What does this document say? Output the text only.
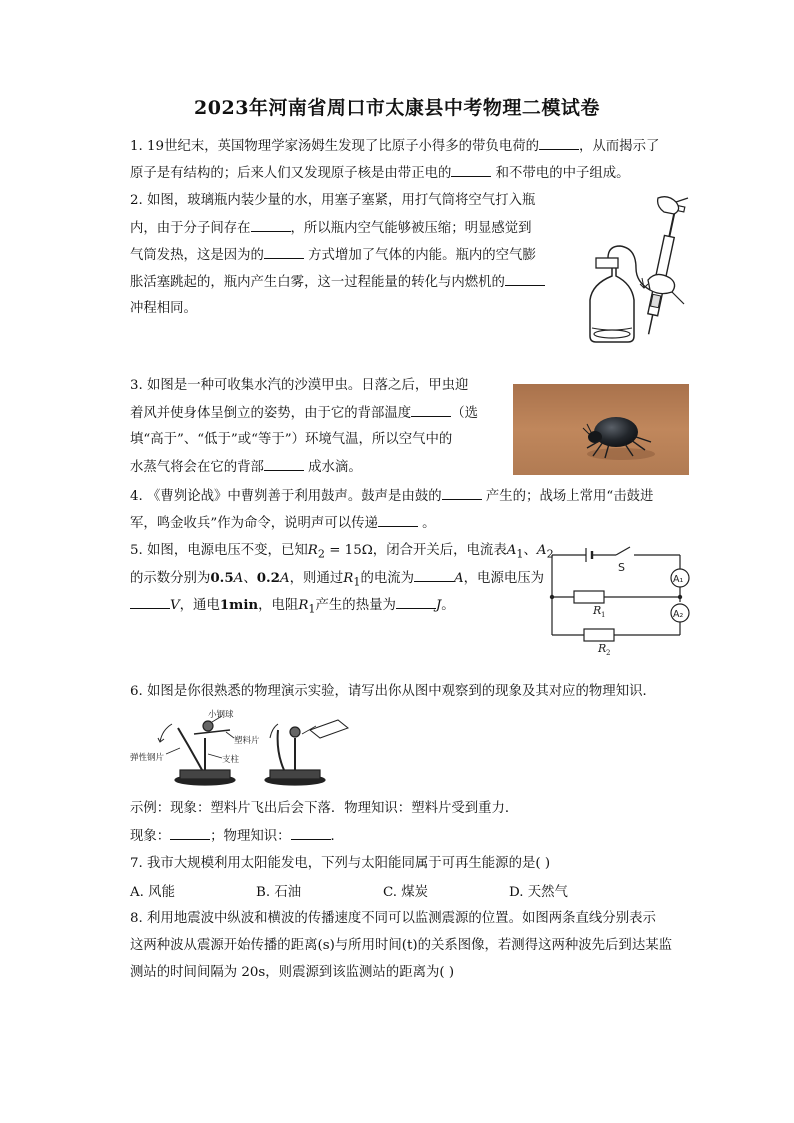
2023年河南省周口市太康县中考物理二模试卷
1. 19世纪末，英国物理学家汤姆生发现了比原子小得多的带负电荷的	，从而揭示了
原子是有结构的；后来人们又发现原子核是由带正电的	和不带电的中子组成。
2. 如图，玻璃瓶内装少量的水，用塞子塞紧，用打气筒将空气打入瓶
内，由于分子间存在	，所以瓶内空气能够被压缩；明显感觉到
气筒发热，这是因为的	方式增加了气体的内能。瓶内的空气膨
胀活塞跳起的，瓶内产生白雾，这一过程能量的转化与内燃机的
冲程相同。
3. 如图是一种可收集水汽的沙漠甲虫。日落之后，甲虫迎
着风并使身体呈倒立的姿势，由于它的背部温度	（选
填“高于”、“低于”或“等于”）环境气温，所以空气中的
水蒸气将会在它的背部	成水滴。
4. 《曹刿论战》中曹刿善于利用鼓声。鼓声是由鼓的	产生的；战场上常用“击鼓进
军，鸣金收兵”作为命令，说明声可以传递	。
5. 如图，电源电压不变，已知$R_2 = 15\Omega$，闭合开关后，电流表$A_1$、$A_2$
的示数分别为0.5A、0.2A，则通过$R_1$的电流为	A，电源电压为
V，通电1min，电阻$R_1$产生的热量为	J。
S
A₁
A₂
R 1
R 2
6. 如图是你很熟悉的物理演示实验，请写出你从图中观察到的现象及其对应的物理知识．
小钢球
塑料片
支柱
弹性钢片
示例：现象：塑料片飞出后会下落．物理知识：塑料片受到重力．
现象：	；物理知识：	．
7. 我市大规模利用太阳能发电，下列与太阳能同属于可再生能源的是( )
A. 风能	B. 石油	C. 煤炭	D. 天然气
8. 利用地震波中纵波和横波的传播速度不同可以监测震源的位置。如图两条直线分别表示
这两种波从震源开始传播的距离(s)与所用时间(t)的关系图像，若测得这两种波先后到达某监
测站的时间间隔为 20s，则震源到该监测站的距离为( )
